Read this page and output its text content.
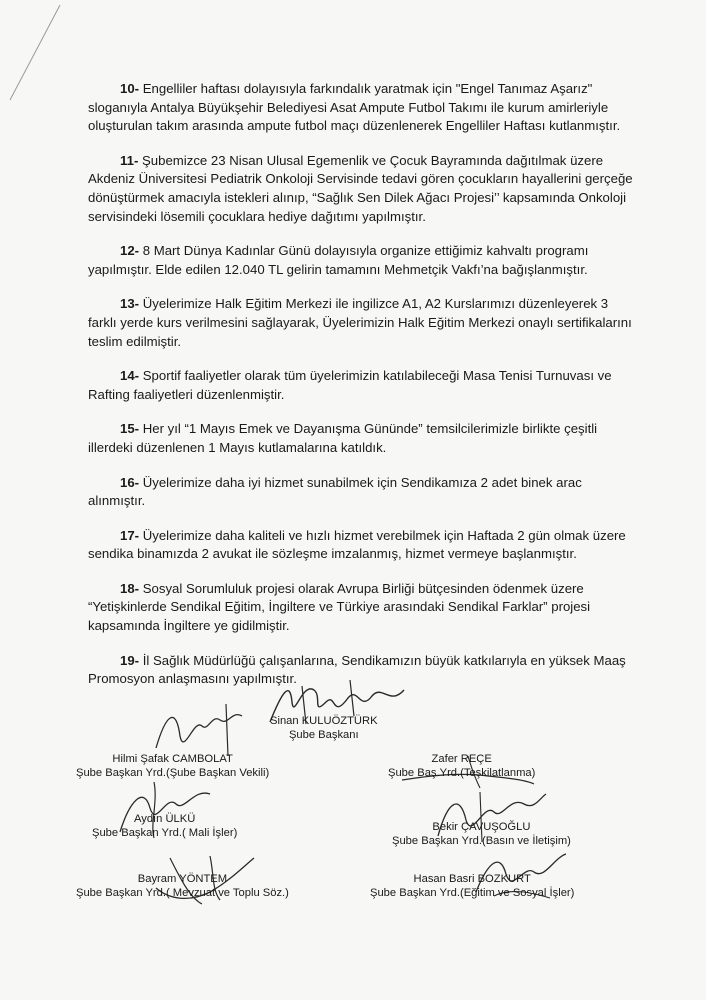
10- Engelliler haftası dolayısıyla farkındalık yaratmak için "Engel Tanımaz Aşarız" sloganıyla Antalya Büyükşehir Belediyesi Asat Ampute Futbol Takımı ile kurum amirleriyle oluşturulan takım arasında ampute futbol maçı düzenlenerek Engelliler Haftası kutlanmıştır.

11- Şubemizce 23 Nisan Ulusal Egemenlik ve Çocuk Bayramında dağıtılmak üzere Akdeniz Üniversitesi Pediatrik Onkoloji Servisinde tedavi gören çocukların hayallerini gerçeğe dönüştürmek amacıyla istekleri alınıp, “Sağlık Sen Dilek Ağacı Projesi’’ kapsamında Onkoloji servisindeki lösemili çocuklara hediye dağıtımı yapılmıştır.

12- 8 Mart Dünya Kadınlar Günü dolayısıyla organize ettiğimiz kahvaltı programı yapılmıştır. Elde edilen 12.040 TL gelirin tamamını Mehmetçik Vakfı’na bağışlanmıştır.

13- Üyelerimize Halk Eğitim Merkezi ile ingilizce A1, A2 Kurslarımızı düzenleyerek 3 farklı yerde kurs verilmesini sağlayarak, Üyelerimizin Halk Eğitim Merkezi onaylı sertifikalarını teslim edilmiştir.

14- Sportif faaliyetler olarak tüm üyelerimizin katılabileceği Masa Tenisi Turnuvası ve Rafting faaliyetleri düzenlenmiştir.

15- Her yıl “1 Mayıs Emek ve Dayanışma Gününde” temsilcilerimizle birlikte çeşitli illerdeki düzenlenen 1 Mayıs kutlamalarına katıldık.

16- Üyelerimize daha iyi hizmet sunabilmek için Sendikamıza 2 adet binek arac alınmıştır.

17- Üyelerimize daha kaliteli ve hızlı hizmet verebilmek için Haftada 2 gün olmak üzere sendika binamızda 2 avukat ile sözleşme imzalanmış, hizmet vermeye başlanmıştır.

18- Sosyal Sorumluluk projesi olarak Avrupa Birliği bütçesinden ödenmek üzere “Yetişkinlerde Sendikal Eğitim, İngiltere ve Türkiye arasındaki Sendikal Farklar” projesi kapsamında İngiltere ye gidilmiştir.

19- İl Sağlık Müdürlüğü çalışanlarına, Sendikamızın büyük katkılarıyla en yüksek Maaş Promosyon anlaşmasını yapılmıştır.

Sinan KULUÖZTÜRK
Şube Başkanı
Hilmi Şafak CAMBOLAT
Şube Başkan Yrd.(Şube Başkan Vekili)
Zafer REÇE
Şube Baş.Yrd.(Teşkilatlanma)
Aydın ÜLKÜ
Şube Başkan Yrd.( Mali İşler)	Bekir ÇAVUŞOĞLU
Şube Başkan Yrd.(Basın ve İletişim)
Bayram YÖNTEM
Şube Başkan Yrd.( Mevzuat ve Toplu Söz.)
Hasan Basri BOZKURT
Şube Başkan Yrd.(Eğitim ve Sosyal İşler)
